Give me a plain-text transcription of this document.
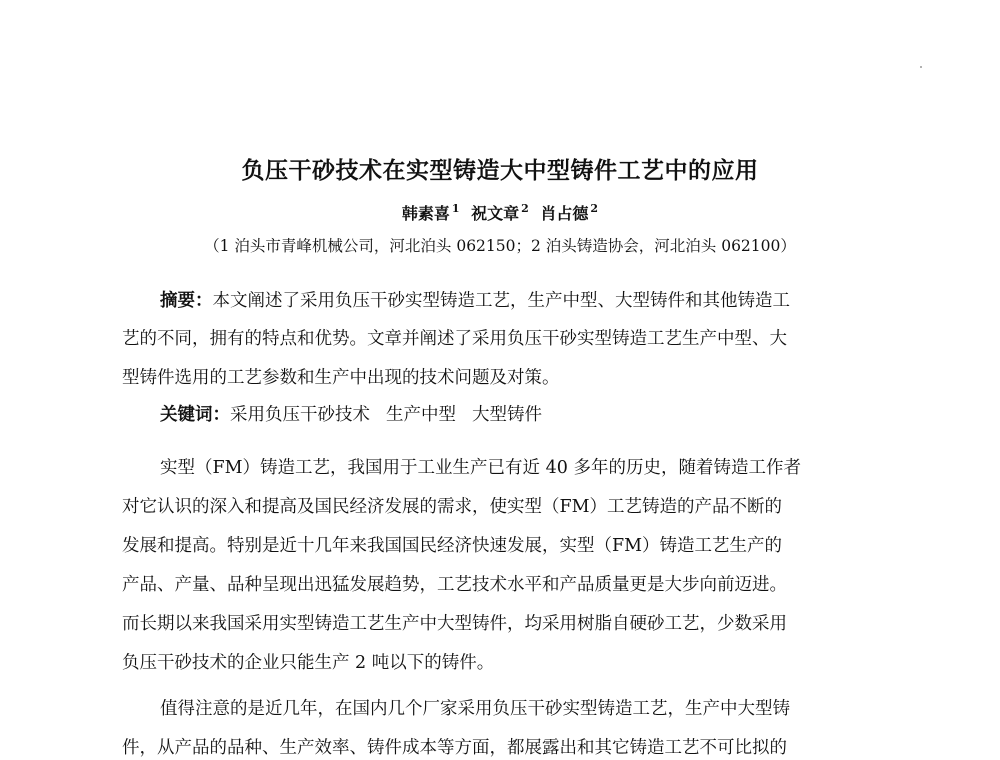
负压干砂技术在实型铸造大中型铸件工艺中的应用
韩素喜 $^1$ 祝文章 $^2$ 肖占德 $^2$
（1 泊头市青峰机械公司，河北泊头 062150；2 泊头铸造协会，河北泊头 062100）
摘要：本文阐述了采用负压干砂实型铸造工艺，生产中型、大型铸件和其他铸造工
艺的不同，拥有的特点和优势。文章并阐述了采用负压干砂实型铸造工艺生产中型、大
型铸件选用的工艺参数和生产中出现的技术问题及对策。
关键词：采用负压干砂技术 生产中型 大型铸件
实型（FM）铸造工艺，我国用于工业生产已有近 40 多年的历史，随着铸造工作者
对它认识的深入和提高及国民经济发展的需求，使实型（FM）工艺铸造的产品不断的
发展和提高。特别是近十几年来我国国民经济快速发展，实型（FM）铸造工艺生产的
产品、产量、品种呈现出迅猛发展趋势，工艺技术水平和产品质量更是大步向前迈进。
而长期以来我国采用实型铸造工艺生产中大型铸件，均采用树脂自硬砂工艺，少数采用
负压干砂技术的企业只能生产 2 吨以下的铸件。
值得注意的是近几年，在国内几个厂家采用负压干砂实型铸造工艺，生产中大型铸
件，从产品的品种、生产效率、铸件成本等方面，都展露出和其它铸造工艺不可比拟的
